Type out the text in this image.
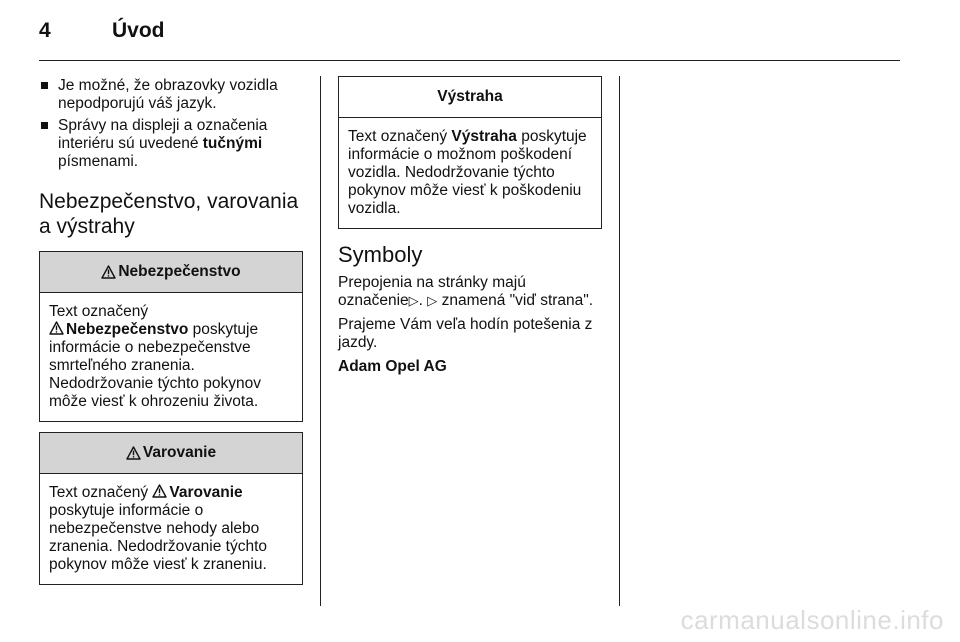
4	Úvod
Je možné, že obrazovky vozidla nepodporujú váš jazyk.
Správy na displeji a označenia interiéru sú uvedené tučnými písmenami.
Nebezpečenstvo, varovania a výstrahy
Nebezpečenstvo
Text označený

Nebezpečenstvo poskytuje informácie o nebezpečenstve smrteľného zranenia. Nedodržovanie týchto pokynov môže viesť k ohrozeniu života.
Varovanie
Text označený
Varovanie poskytuje informácie o nebezpečenstve nehody alebo zranenia. Nedodržovanie týchto pokynov môže viesť k zraneniu.
Výstraha
Text označený Výstraha poskytuje informácie o možnom poškodení vozidla. Nedodržovanie týchto pokynov môže viesť k poškodeniu vozidla.
Symboly

Prepojenia na stránky majú označenie▷. ▷ znamená "viď strana".

Prajeme Vám veľa hodín potešenia z jazdy.

Adam Opel AG

carmanualsonline.info
